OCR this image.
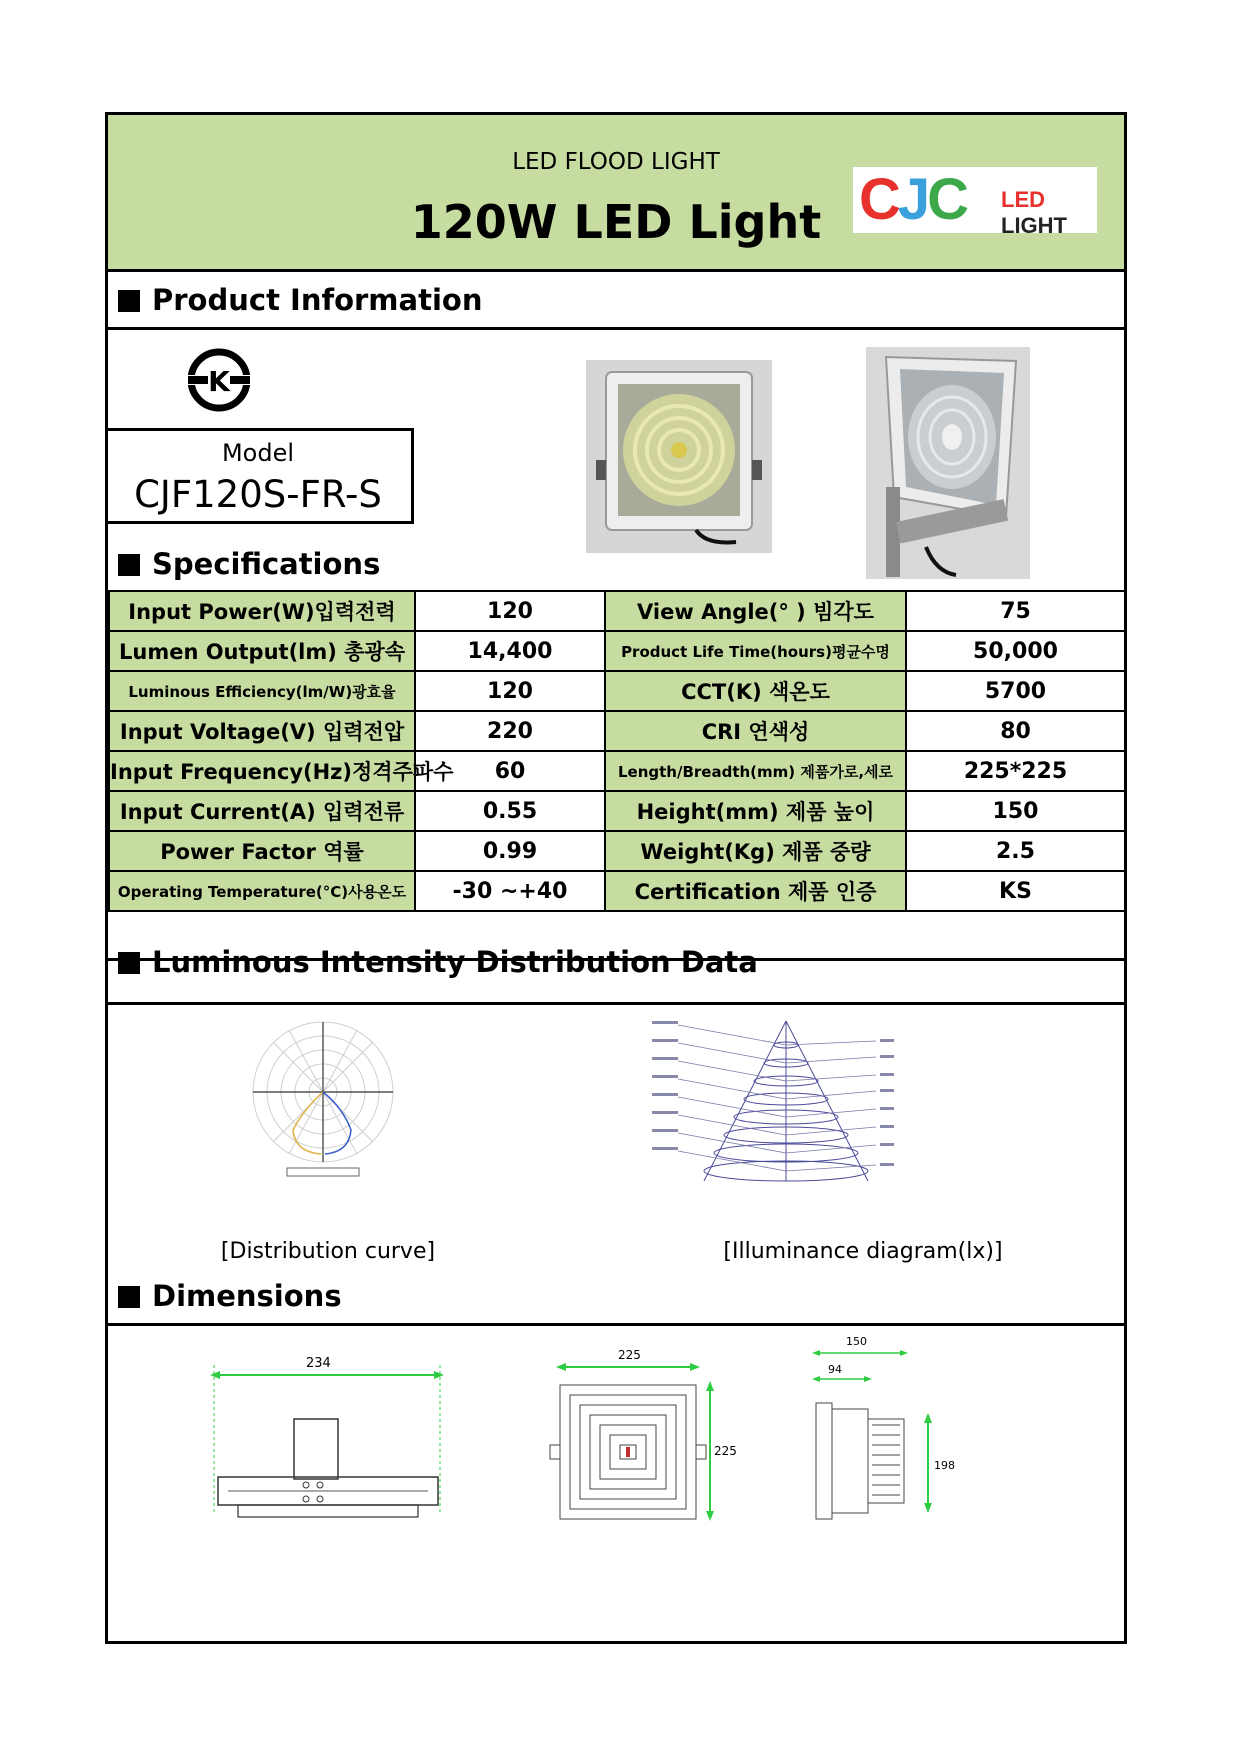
LED FLOOD LIGHT
120W LED Light CJC LED LIGHT
Product Information
K
Model
CJF120S-FR-S
Specifications
Input Power(W)입력전력	120	View Angle(° ) 빔각도	75
Lumen Output(lm) 총광속	14,400	Product Life Time(hours)평균수명	50,000
Luminous Efficiency(lm/W)광효율	120	CCT(K) 색온도	5700
Input Voltage(V) 입력전압	220	CRI 연색성	80
Input Frequency(Hz)정격주파수	60	Length/Breadth(mm) 제품가로,세로	225*225
Input Current(A) 입력전류	0.55	Height(mm) 제품 높이	150
Power Factor 역률	0.99	Weight(Kg) 제품 중량	2.5
Operating Temperature(°C)사용온도	-30 ~+40	Certification 제품 인증	KS
Luminous Intensity Distribution Data
[Distribution curve]	[Illuminance diagram(lx)]
Dimensions
234
225
225
150
94
198
